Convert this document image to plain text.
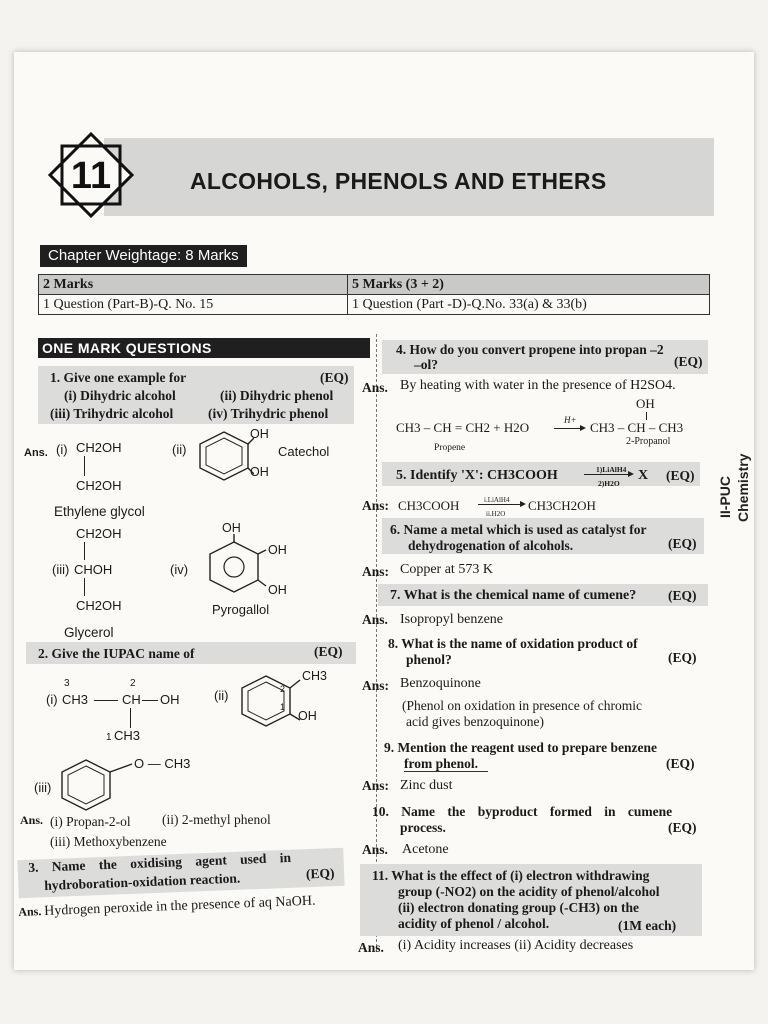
11	ALCOHOLS, PHENOLS AND ETHERS
Chapter Weightage: 8 Marks
2 Marks	5 Marks (3 + 2)
1 Question (Part-B)-Q. No. 15	1 Question (Part -D)-Q.No. 33(a) & 33(b)
ONE MARK QUESTIONS
1. Give one example for	(EQ)
(i) Dihydric alcohol	(ii) Dihydric phenol
(iii) Trihydric alcohol	(iv) Trihydric phenol
Ans. (i) CH2OH
CH2OH
Ethylene glycol
(ii)
OH
OH
Catechol
CH2OH
(iii) CHOH
CH2OH
Glycerol
(iv)
OH
OH
OH
Pyrogallol
2. Give the IUPAC name of	(EQ)
3	2
(i) CH3	CH OH
1 CH3
(ii)	2
1
CH3
OH
(iii)
O — CH3
Ans. (i) Propan-2-ol (ii) 2-methyl phenol
(iii) Methoxybenzene
3. Name the oxidising agent used in
hydroboration-oxidation reaction.	(EQ)
Ans. Hydrogen peroxide in the presence of aq NaOH.
4. How do you convert propene into propan –2
–ol?	(EQ)
Ans. By heating with water in the presence of H2SO4.
OH
CH3 – CH = CH2 + H2O	H+ CH3 – CH – CH3
Propene
2-Propanol
5. Identify 'X': CH3COOH	1)LiAlH4
2)H2O
X (EQ)
Ans: CH3COOH	i.LiAlH4
ii.H2O
CH3CH2OH
6. Name a metal which is used as catalyst for
dehydrogenation of alcohols.	(EQ)
Ans: Copper at 573 K
7. What is the chemical name of cumene? (EQ)
Ans. Isopropyl benzene
8. What is the name of oxidation product of
phenol?	(EQ)
Ans: Benzoquinone
(Phenol on oxidation in presence of chromic
acid gives benzoquinone)
9. Mention the reagent used to prepare benzene
from phenol.	(EQ)
Ans: Zinc dust
10. Name the byproduct formed in cumene
process.	(EQ)
Ans. Acetone
11. What is the effect of (i) electron withdrawing
group (-NO2) on the acidity of phenol/alcohol
(ii) electron donating group (-CH3) on the
acidity of phenol / alcohol.	(1M each)
Ans. (i) Acidity increases (ii) Acidity decreases
II-PUC Chemistry
89
